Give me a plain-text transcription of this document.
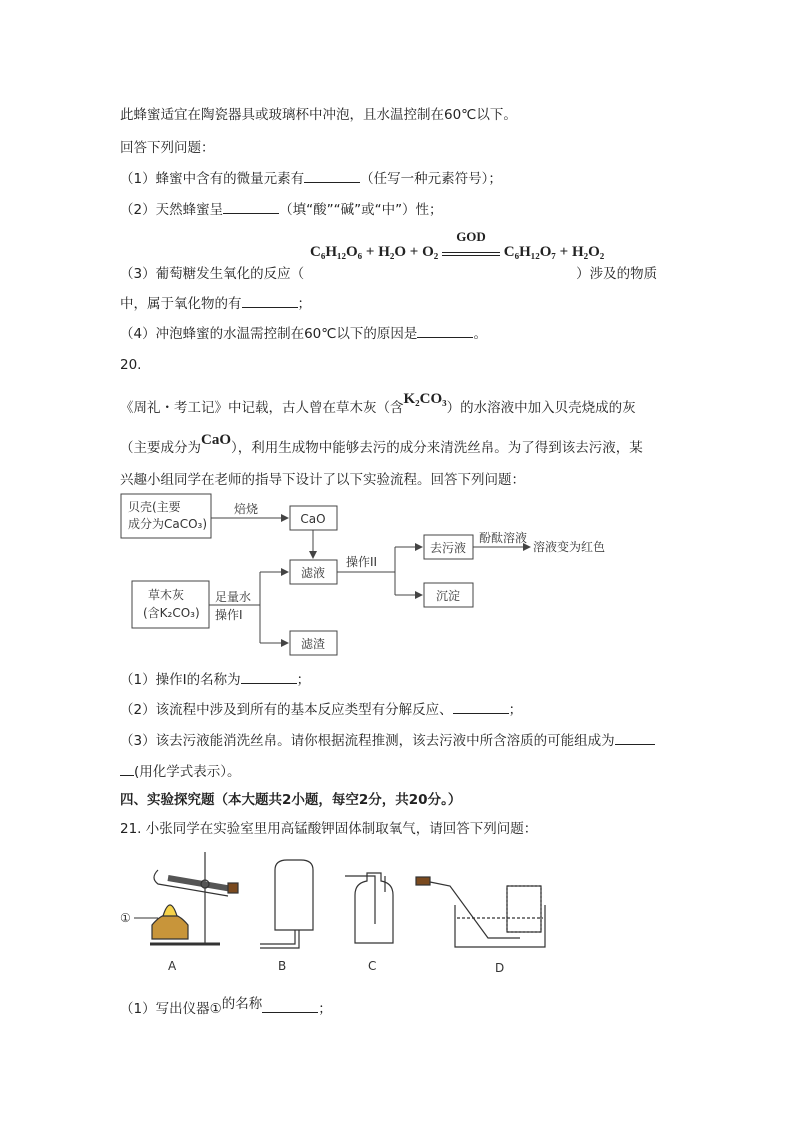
此蜂蜜适宜在陶瓷器具或玻璃杯中冲泡，且水温控制在60℃以下。
回答下列问题：
（1）蜂蜜中含有的微量元素有	（任写一种元素符号）；
（2）天然蜂蜜呈	（填“酸”“碱”或“中”）性；
C₆H₁₂O₆ + H₂O + O₂
GOD
C₆H₁₂O₇ + H₂O₂
（3）葡萄糖发生氧化的反应（	）涉及的物质
中，属于氧化物的有	；
（4）冲泡蜂蜜的水温需控制在60℃以下的原因是	。
20.
《周礼・考工记》中记载，古人曾在草木灰（含K₂CO₃）的水溶液中加入贝壳烧成的灰
（主要成分为CaO），利用生成物中能够去污的成分来清洗丝帛。为了得到该去污液，某
兴趣小组同学在老师的指导下设计了以下实验流程。回答下列问题：
贝壳(主要
成分为CaCO₃)
焙烧
CaO
滤液
操作II
去污液
酚酞溶液
溶液变为红色
沉淀
草木灰
(含K₂CO₃)
足量水
操作I
滤渣
①
A	B	C	D
（1）操作I的名称为	；
（2）该流程中涉及到所有的基本反应类型有分解反应、	；
（3）该去污液能消洗丝帛。请你根据流程推测，该去污液中所含溶质的可能组成为
(用化学式表示）。
四、实验探究题（本大题共2小题，每空2分，共20分。）
21. 小张同学在实验室里用高锰酸钾固体制取氧气，请回答下列问题：
（1）写出仪器①的名称	；
